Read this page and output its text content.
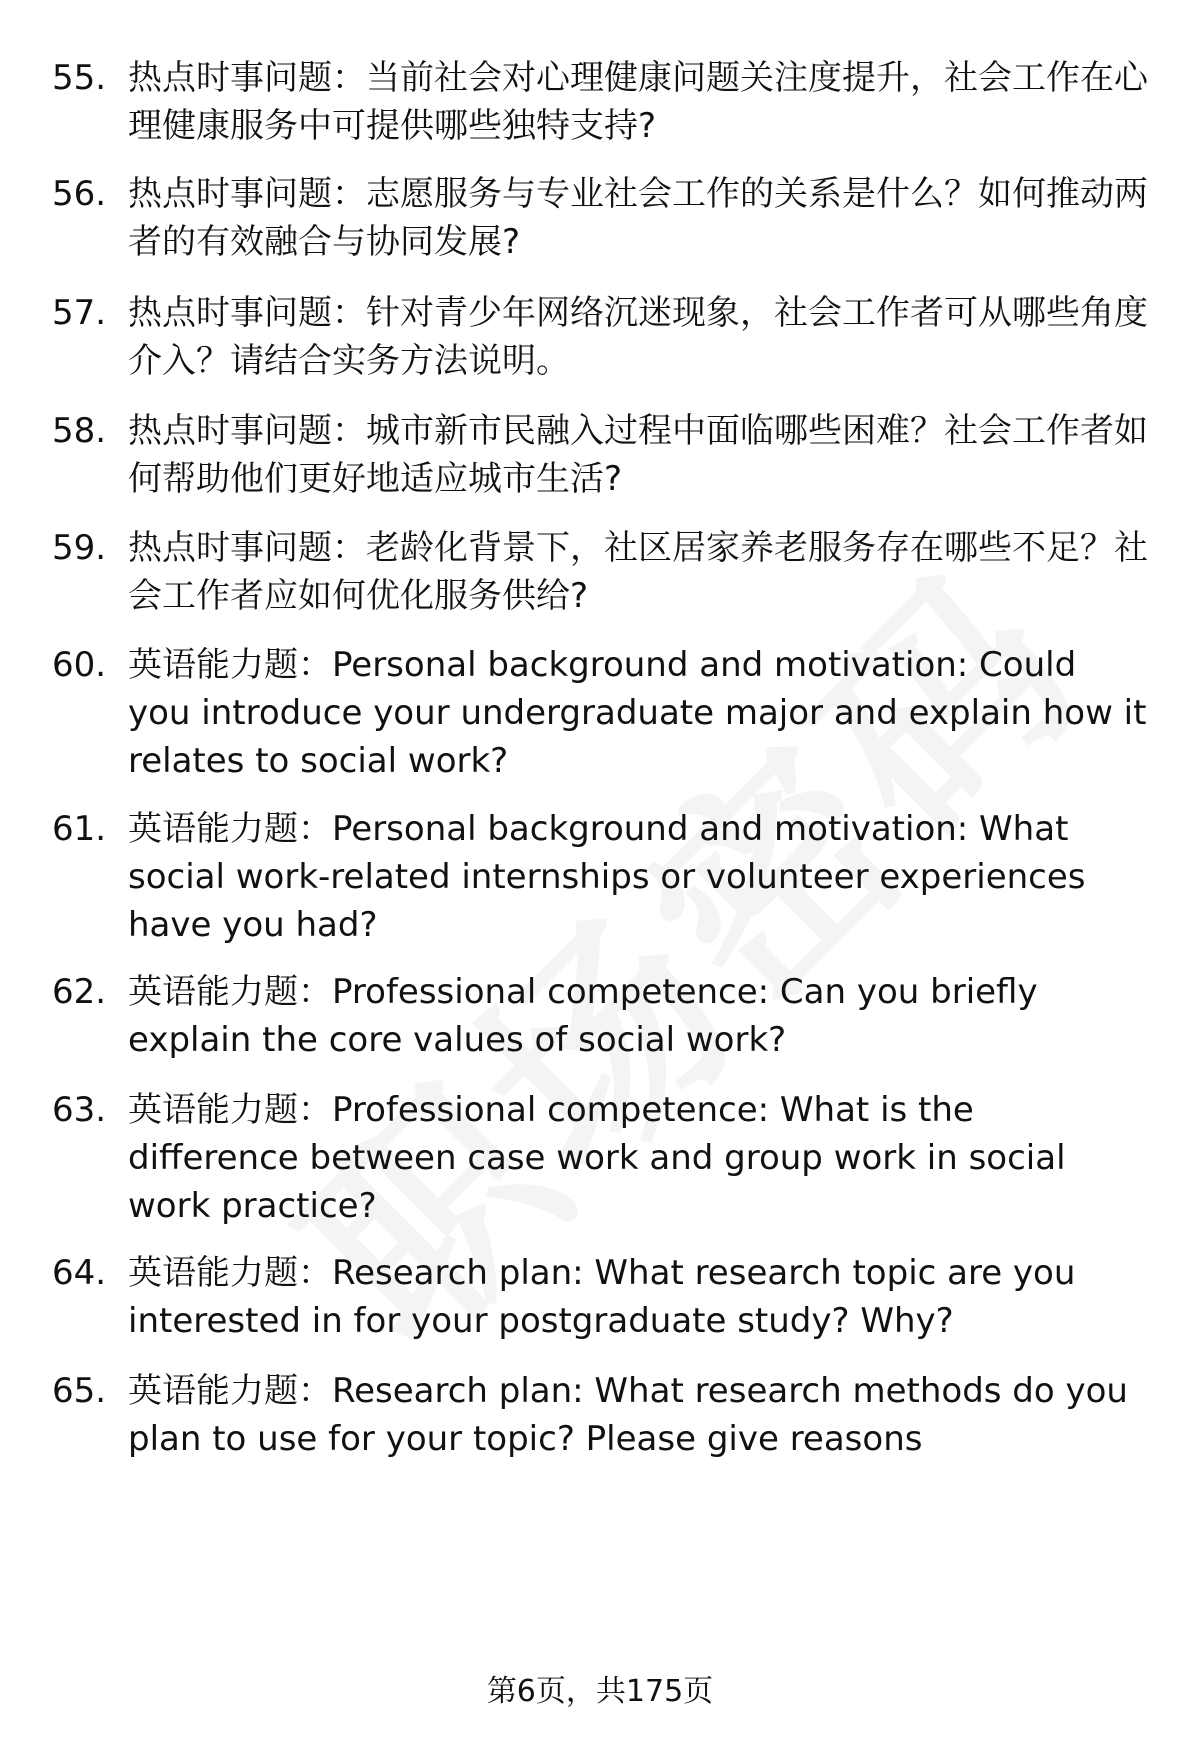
55. 热点时事问题：当前社会对心理健康问题关注度提升，社会工作在心理健康服务中可提供哪些独特支持?
56. 热点时事问题：志愿服务与专业社会工作的关系是什么？如何推动两者的有效融合与协同发展?
57. 热点时事问题：针对青少年网络沉迷现象，社会工作者可从哪些角度介入？请结合实务方法说明。
58. 热点时事问题：城市新市民融入过程中面临哪些困难？社会工作者如何帮助他们更好地适应城市生活?
59. 热点时事问题：老龄化背景下，社区居家养老服务存在哪些不足？社会工作者应如何优化服务供给?
60. 英语能力题：Personal background and motivation: Could you introduce your undergraduate major and explain how it relates to social work?
61. 英语能力题：Personal background and motivation: What social work-related internships or volunteer experiences have you had?
62. 英语能力题：Professional competence: Can you briefly explain the core values of social work?
63. 英语能力题：Professional competence: What is the difference between case work and group work in social work practice?
64. 英语能力题：Research plan: What research topic are you interested in for your postgraduate study? Why?
65. 英语能力题：Research plan: What research methods do you plan to use for your topic? Please give reasons
第6页，共175页
